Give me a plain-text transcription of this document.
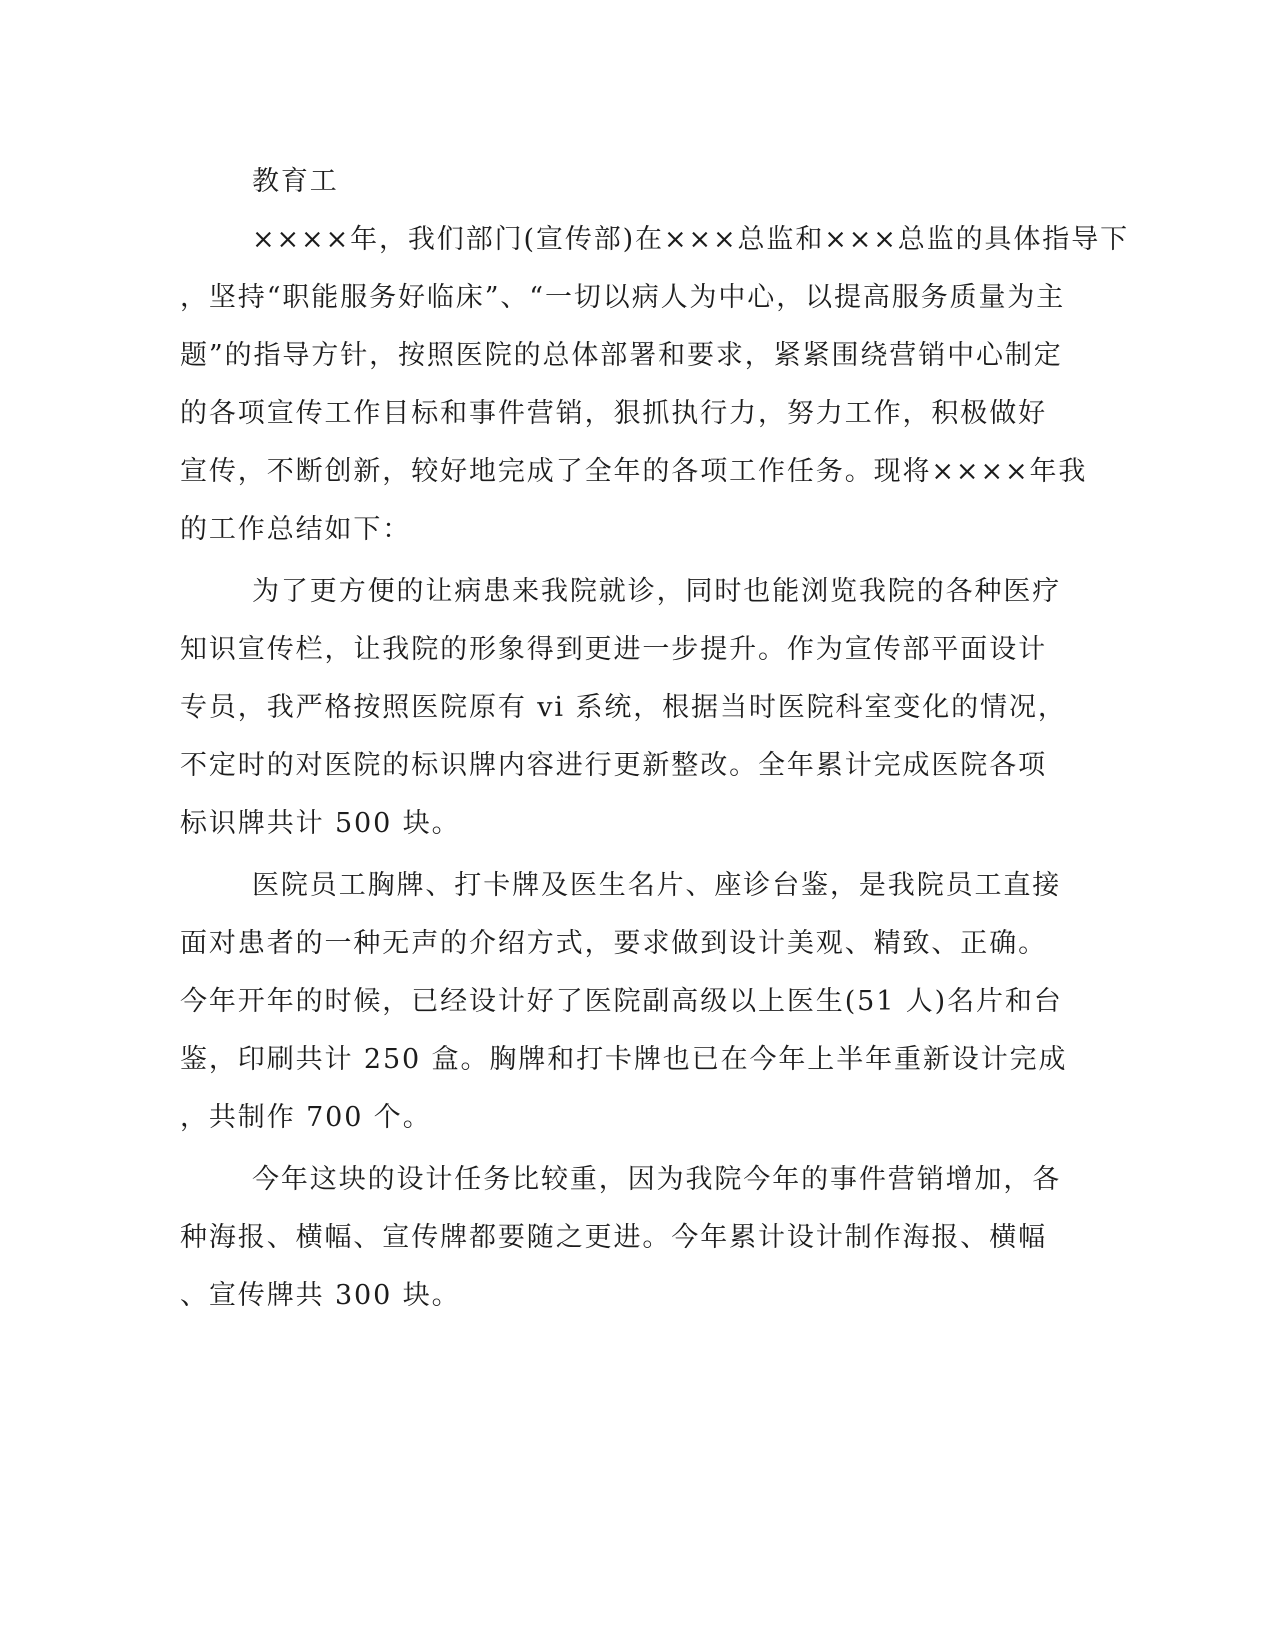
教育工
××××年，我们部门(宣传部)在×××总监和×××总监的具体指导下
，坚持“职能服务好临床”、“一切以病人为中心，以提高服务质量为主
题”的指导方针，按照医院的总体部署和要求，紧紧围绕营销中心制定
的各项宣传工作目标和事件营销，狠抓执行力，努力工作，积极做好
宣传，不断创新，较好地完成了全年的各项工作任务。现将××××年我
的工作总结如下：
为了更方便的让病患来我院就诊，同时也能浏览我院的各种医疗
知识宣传栏，让我院的形象得到更进一步提升。作为宣传部平面设计
专员，我严格按照医院原有 vi 系统，根据当时医院科室变化的情况，
不定时的对医院的标识牌内容进行更新整改。全年累计完成医院各项
标识牌共计 500 块。
医院员工胸牌、打卡牌及医生名片、座诊台鉴，是我院员工直接
面对患者的一种无声的介绍方式，要求做到设计美观、精致、正确。
今年开年的时候，已经设计好了医院副高级以上医生(51 人)名片和台
鉴，印刷共计 250 盒。胸牌和打卡牌也已在今年上半年重新设计完成
，共制作 700 个。
今年这块的设计任务比较重，因为我院今年的事件营销增加，各
种海报、横幅、宣传牌都要随之更进。今年累计设计制作海报、横幅
、宣传牌共 300 块。
